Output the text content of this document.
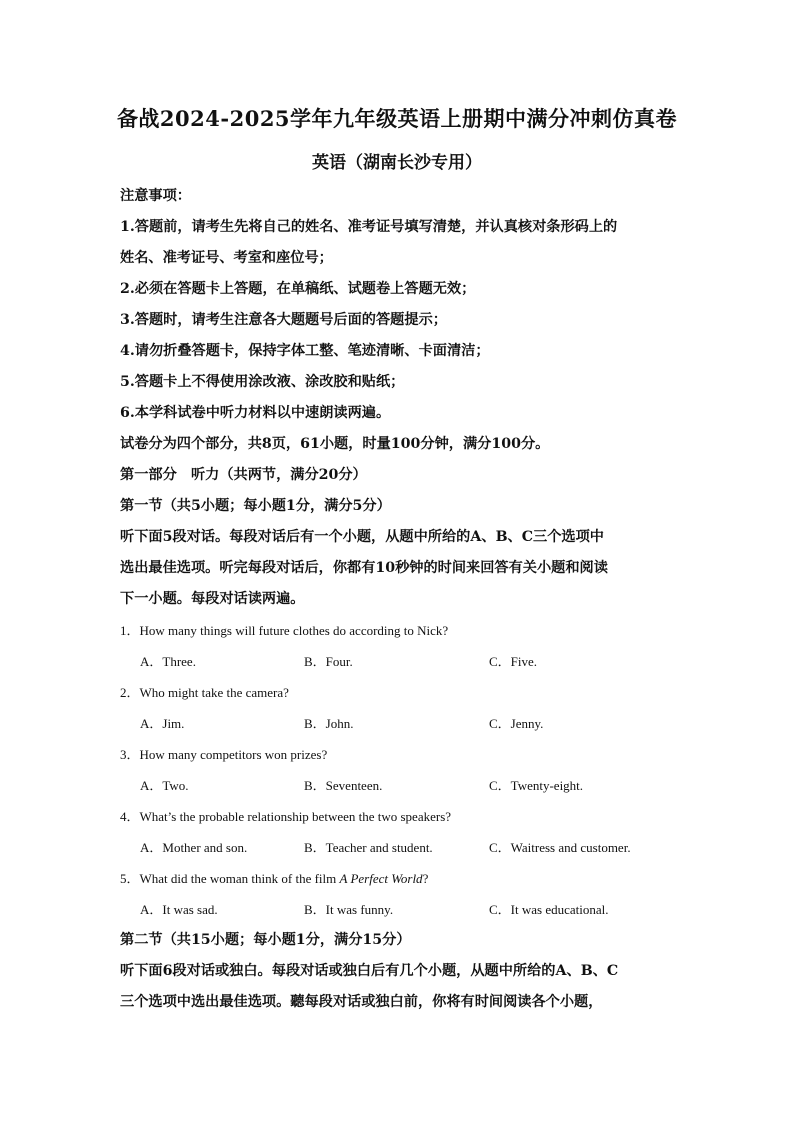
备战2024-2025学年九年级英语上册期中满分冲刺仿真卷
英语（湖南长沙专用）
注意事项：
1.答题前，请考生先将自己的姓名、准考证号填写清楚，并认真核对条形码上的
姓名、准考证号、考室和座位号；
2.必须在答题卡上答题，在单稿纸、试题卷上答题无效；
3.答题时，请考生注意各大题题号后面的答题提示；
4.请勿折叠答题卡，保持字体工整、笔迹清晰、卡面清洁；
5.答题卡上不得使用涂改液、涂改胶和贴纸；
6.本学科试卷中听力材料以中速朗读两遍。
试卷分为四个部分，共8页，61小题，时量100分钟，满分100分。
第一部分　听力（共两节，满分20分）
第一节（共5小题；每小题1分，满分5分）
听下面5段对话。每段对话后有一个小题，从题中所给的A、B、C三个选项中
选出最佳选项。听完每段对话后，你都有10秒钟的时间来回答有关小题和阅读
下一小题。每段对话读两遍。
1．How many things will future clothes do according to Nick?
A．Three.	B．Four.	C．Five.
2．Who might take the camera?
A．Jim.	B．John.	C．Jenny.
3．How many competitors won prizes?
A．Two.	B．Seventeen.	C．Twenty-eight.
4．What’s the probable relationship between the two speakers?
A．Mother and son.	B．Teacher and student.	C．Waitress and customer.
5．What did the woman think of the film A Perfect World?
A．It was sad.	B．It was funny.	C．It was educational.
第二节（共15小题；每小题1分，满分15分）
听下面6段对话或独白。每段对话或独白后有几个小题，从题中所给的A、B、C
三个选项中选出最佳选项。聽每段对话或独白前，你将有时间阅读各个小题，
